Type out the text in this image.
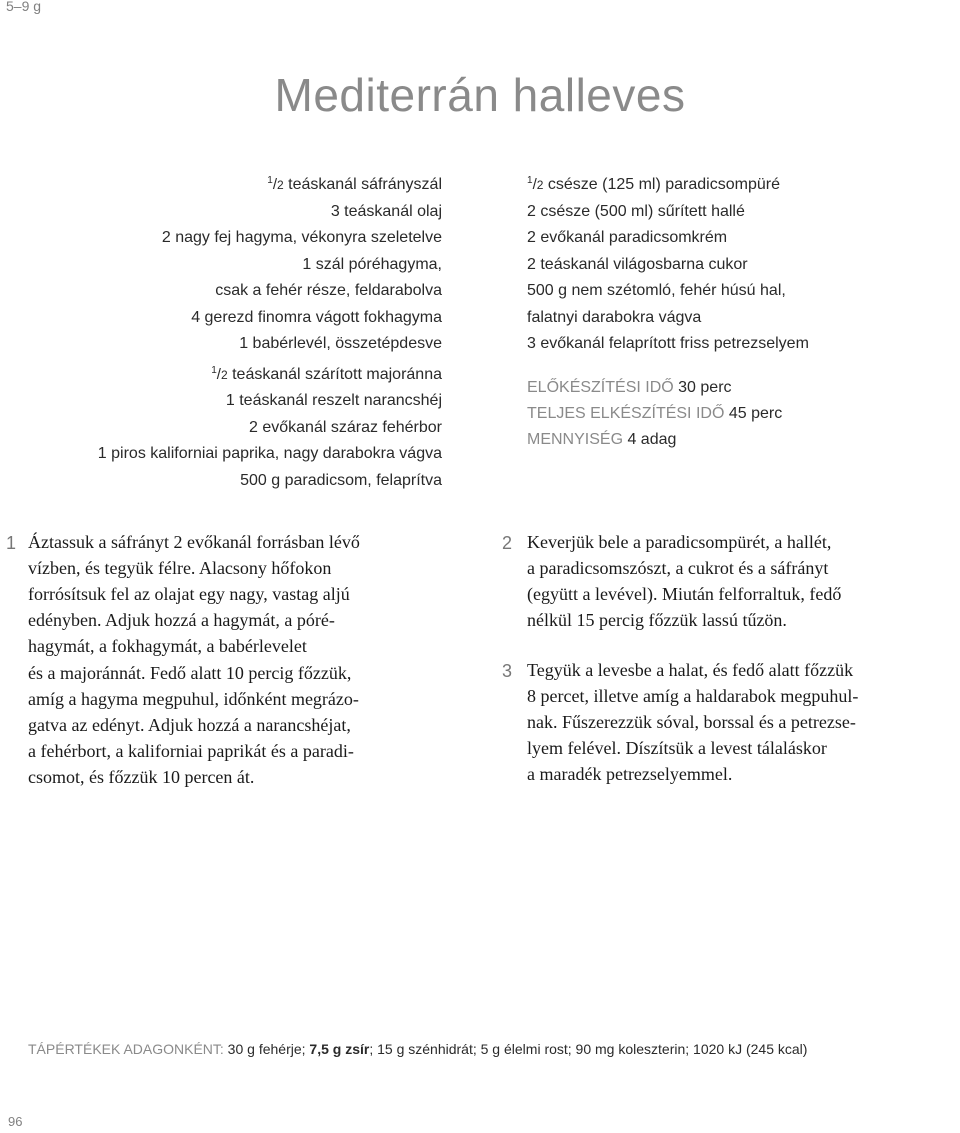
5–9 g
Mediterrán halleves
$^1$/2 teáskanál sáfrányszál
3 teáskanál olaj
2 nagy fej hagyma, vékonyra szeletelve
1 szál póréhagyma,
csak a fehér része, feldarabolva
4 gerezd finomra vágott fokhagyma
1 babérlevél, összetépdesve
$^1$/2 teáskanál szárított majoránna
1 teáskanál reszelt narancshéj
2 evőkanál száraz fehérbor
1 piros kaliforniai paprika, nagy darabokra vágva
500 g paradicsom, felaprítva
$^1$/2 csésze (125 ml) paradicsompüré
2 csésze (500 ml) sűrített hallé
2 evőkanál paradicsomkrém
2 teáskanál világosbarna cukor
500 g nem szétomló, fehér húsú hal,
falatnyi darabokra vágva
3 evőkanál felaprított friss petrezselyem
ELŐKÉSZÍTÉSI IDŐ 30 perc
TELJES ELKÉSZÍTÉSI IDŐ 45 perc
MENNYISÉG 4 adag
1 Áztassuk a sáfrányt 2 evőkanál forrásban lévő
vízben, és tegyük félre. Alacsony hőfokon
forrósítsuk fel az olajat egy nagy, vastag aljú
edényben. Adjuk hozzá a hagymát, a póré-
hagymát, a fokhagymát, a babérlevelet
és a majoránnát. Fedő alatt 10 percig főzzük,
amíg a hagyma megpuhul, időnként megrázo-
gatva az edényt. Adjuk hozzá a narancshéjat,
a fehérbort, a kaliforniai paprikát és a paradi-
csomot, és főzzük 10 percen át.
2 Keverjük bele a paradicsompürét, a hallét,
a paradicsomszószt, a cukrot és a sáfrányt
(együtt a levével). Miután felforraltuk, fedő
nélkül 15 percig főzzük lassú tűzön.
3 Tegyük a levesbe a halat, és fedő alatt főzzük
8 percet, illetve amíg a haldarabok megpuhul-
nak. Fűszerezzük sóval, borssal és a petrezse-
lyem felével. Díszítsük a levest tálaláskor
a maradék petrezselyemmel.
TÁPÉRTÉKEK ADAGONKÉNT: 30 g fehérje; 7,5 g zsír; 15 g szénhidrát; 5 g élelmi rost; 90 mg koleszterin; 1020 kJ (245 kcal)
96
